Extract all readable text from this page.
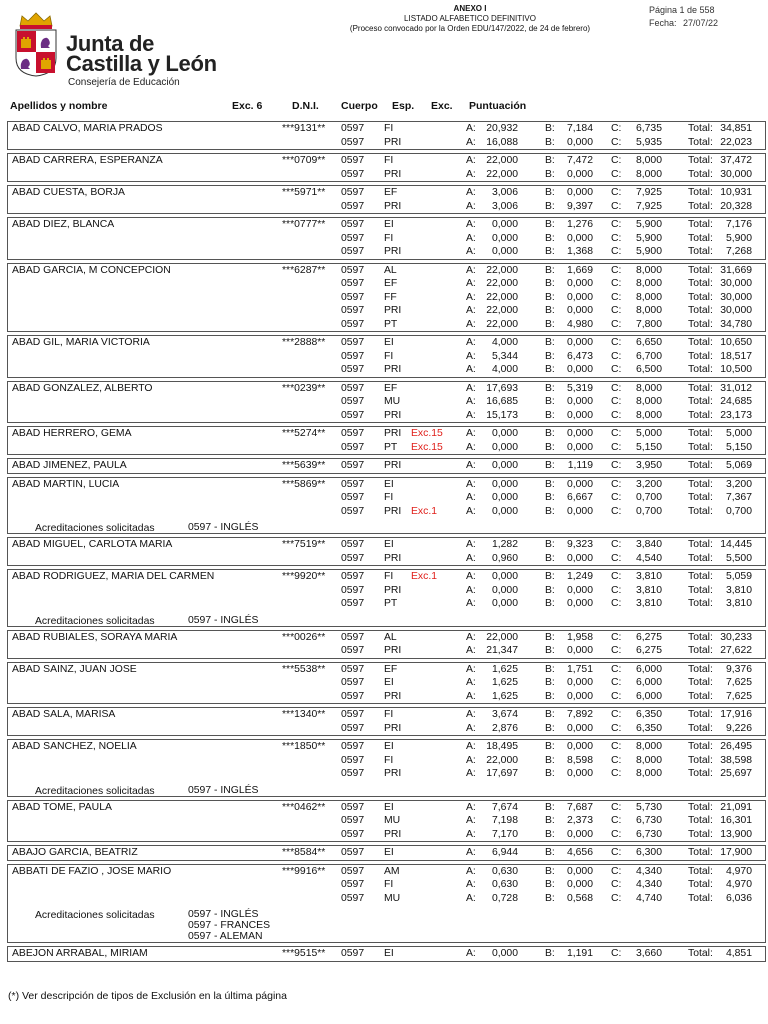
Junta de
Castilla y León
Consejería de Educación
ANEXO I
LISTADO ALFABETICO DEFINITIVO
(Proceso convocado por la Orden EDU/147/2022, de 24 de febrero)
Página 1 de 558
Fecha: 27/07/22
Apellidos y nombre	Exc. 6	D.N.I. Cuerpo Esp. Exc. Puntuación
ABAD CALVO, MARIA PRADOS	***9131** 0597 FI	A: 20,932	B:	7,184 C:	6,735	Total: 34,851
0597 PRI	A: 16,088	B:	0,000 C:	5,935	Total: 22,023

ABAD CARRERA, ESPERANZA	***0709** 0597 FI	A: 22,000	B:	7,472 C:	8,000	Total: 37,472
0597 PRI	A: 22,000	B:	0,000 C:	8,000	Total: 30,000

ABAD CUESTA, BORJA	***5971** 0597 EF	A:	3,006	B:	0,000 C:	7,925	Total: 10,931
0597 PRI	A:	3,006	B:	9,397 C:	7,925	Total: 20,328

ABAD DIEZ, BLANCA	***0777** 0597 EI	A:	0,000	B:	1,276 C:	5,900	Total:	7,176
0597 FI	A:	0,000	B:	0,000 C:	5,900	Total:	5,900
0597 PRI	A:	0,000	B:	1,368 C:	5,900	Total:	7,268

ABAD GARCIA, M CONCEPCION	***6287** 0597 AL	A: 22,000	B:	1,669 C:	8,000	Total: 31,669
0597 EF	A: 22,000	B:	0,000 C:	8,000	Total: 30,000
0597 FF	A: 22,000	B:	0,000 C:	8,000	Total: 30,000
0597 PRI	A: 22,000	B:	0,000 C:	8,000	Total: 30,000
0597 PT	A: 22,000	B:	4,980 C:	7,800	Total: 34,780

ABAD GIL, MARIA VICTORIA	***2888** 0597 EI	A:	4,000	B:	0,000 C:	6,650	Total: 10,650
0597 FI	A:	5,344	B:	6,473 C:	6,700	Total: 18,517
0597 PRI	A:	4,000	B:	0,000 C:	6,500	Total: 10,500

ABAD GONZALEZ, ALBERTO	***0239** 0597 EF	A: 17,693	B:	5,319 C:	8,000	Total: 31,012
0597 MU	A: 16,685	B:	0,000 C:	8,000	Total: 24,685
0597 PRI	A: 15,173	B:	0,000 C:	8,000	Total: 23,173

ABAD HERRERO, GEMA	***5274** 0597 PRI Exc.15 A:	0,000	B:	0,000 C:	5,000	Total:	5,000
0597 PT Exc.15 A:	0,000	B:	0,000 C:	5,150	Total:	5,150

ABAD JIMENEZ, PAULA	***5639** 0597 PRI	A:	0,000	B:	1,119 C:	3,950	Total:	5,069

ABAD MARTIN, LUCIA	***5869** 0597 EI	A:	0,000	B:	0,000 C:	3,200	Total:	3,200
0597 FI	A:	0,000	B:	6,667 C:	0,700	Total:	7,367
0597 PRI Exc.1	A:	0,000	B:	0,000 C:	0,700	Total:	0,700
Acreditaciones solicitadas	0597 - INGLÉS

ABAD MIGUEL, CARLOTA MARIA	***7519** 0597 EI	A:	1,282	B:	9,323 C:	3,840	Total: 14,445
0597 PRI	A:	0,960	B:	0,000 C:	4,540	Total:	5,500

ABAD RODRIGUEZ, MARIA DEL CARMEN	***9920** 0597 FI Exc.1	A:	0,000	B:	1,249 C:	3,810	Total:	5,059
0597 PRI	A:	0,000	B:	0,000 C:	3,810	Total:	3,810
0597 PT	A:	0,000	B:	0,000 C:	3,810	Total:	3,810
Acreditaciones solicitadas	0597 - INGLÉS

ABAD RUBIALES, SORAYA MARIA	***0026** 0597 AL	A: 22,000	B:	1,958 C:	6,275	Total: 30,233
0597 PRI	A: 21,347	B:	0,000 C:	6,275	Total: 27,622

ABAD SAINZ, JUAN JOSE	***5538** 0597 EF	A:	1,625	B:	1,751 C:	6,000	Total:	9,376
0597 EI	A:	1,625	B:	0,000 C:	6,000	Total:	7,625
0597 PRI	A:	1,625	B:	0,000 C:	6,000	Total:	7,625

ABAD SALA, MARISA	***1340** 0597 FI	A:	3,674	B:	7,892 C:	6,350	Total: 17,916
0597 PRI	A:	2,876	B:	0,000 C:	6,350	Total:	9,226

ABAD SANCHEZ, NOELIA	***1850** 0597 EI	A: 18,495	B:	0,000 C:	8,000	Total: 26,495
0597 FI	A: 22,000	B:	8,598 C:	8,000	Total: 38,598
0597 PRI	A: 17,697	B:	0,000 C:	8,000	Total: 25,697
Acreditaciones solicitadas	0597 - INGLÉS

ABAD TOME, PAULA	***0462** 0597 EI	A:	7,674	B:	7,687 C:	5,730	Total: 21,091
0597 MU	A:	7,198	B:	2,373 C:	6,730	Total: 16,301
0597 PRI	A:	7,170	B:	0,000 C:	6,730	Total: 13,900

ABAJO GARCIA, BEATRIZ	***8584** 0597 EI	A:	6,944	B:	4,656 C:	6,300	Total: 17,900

ABBATI DE FAZIO , JOSE MARIO	***9916** 0597 AM	A:	0,630	B:	0,000 C:	4,340	Total:	4,970
0597 FI	A:	0,630	B:	0,000 C:	4,340	Total:	4,970
0597 MU	A:	0,728	B:	0,568 C:	4,740	Total:	6,036
Acreditaciones solicitadas	0597 - INGLÉS
0597 - FRANCES
0597 - ALEMAN

ABEJON ARRABAL, MIRIAM	***9515** 0597 EI	A:	0,000	B:	1,191 C:	3,660	Total:	4,851
(*) Ver descripción de tipos de Exclusión en la última página
